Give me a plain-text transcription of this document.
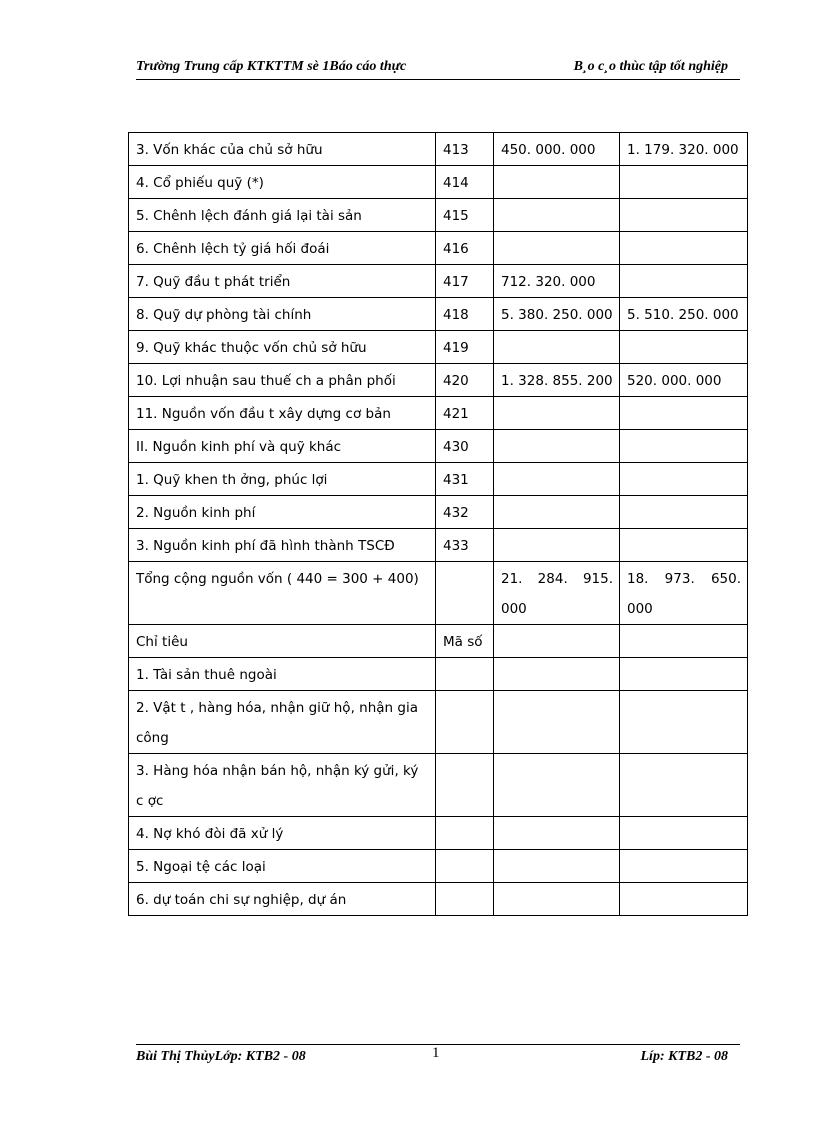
Trường Trung cấp KTKTTM sè 1Báo cáo thực	B¸o c¸o thùc tập tốt nghiệp
3. Vốn khác của chủ sở hữu	413	450. 000. 000	1. 179. 320. 000
4. Cổ phiếu quỹ (*)	414		
5. Chênh lệch đánh giá lại tài sản	415		
6. Chênh lệch tỷ giá hối đoái	416		
7. Quỹ đầu t phát triển	417	712. 320. 000	
8. Quỹ dự phòng tài chính	418	5. 380. 250. 000	5. 510. 250. 000
9. Quỹ khác thuộc vốn chủ sở hữu	419		
10. Lợi nhuận sau thuế ch a phân phối	420	1. 328. 855. 200	520. 000. 000
11. Nguồn vốn đầu t xây dựng cơ bản	421		
II. Nguồn kinh phí và quỹ khác	430		
1. Quỹ khen th ởng, phúc lợi	431		
2. Nguồn kinh phí	432		
3. Nguồn kinh phí đã hình thành TSCĐ	433		
Tổng cộng nguồn vốn ( 440 = 300 + 400)		21. 284. 915. 000	18. 973. 650. 000
Chỉ tiêu	Mã số		
1. Tài sản thuê ngoài			
2. Vật t , hàng hóa, nhận giữ hộ, nhận gia công			
3. Hàng hóa nhận bán hộ, nhận ký gửi, ký c ợc			
4. Nợ khó đòi đã xử lý			
5. Ngoại tệ các loại			
6. dự toán chi sự nghiệp, dự án			
Bùi Thị ThủyLớp: KTB2 - 08	1	Líp: KTB2 - 08
